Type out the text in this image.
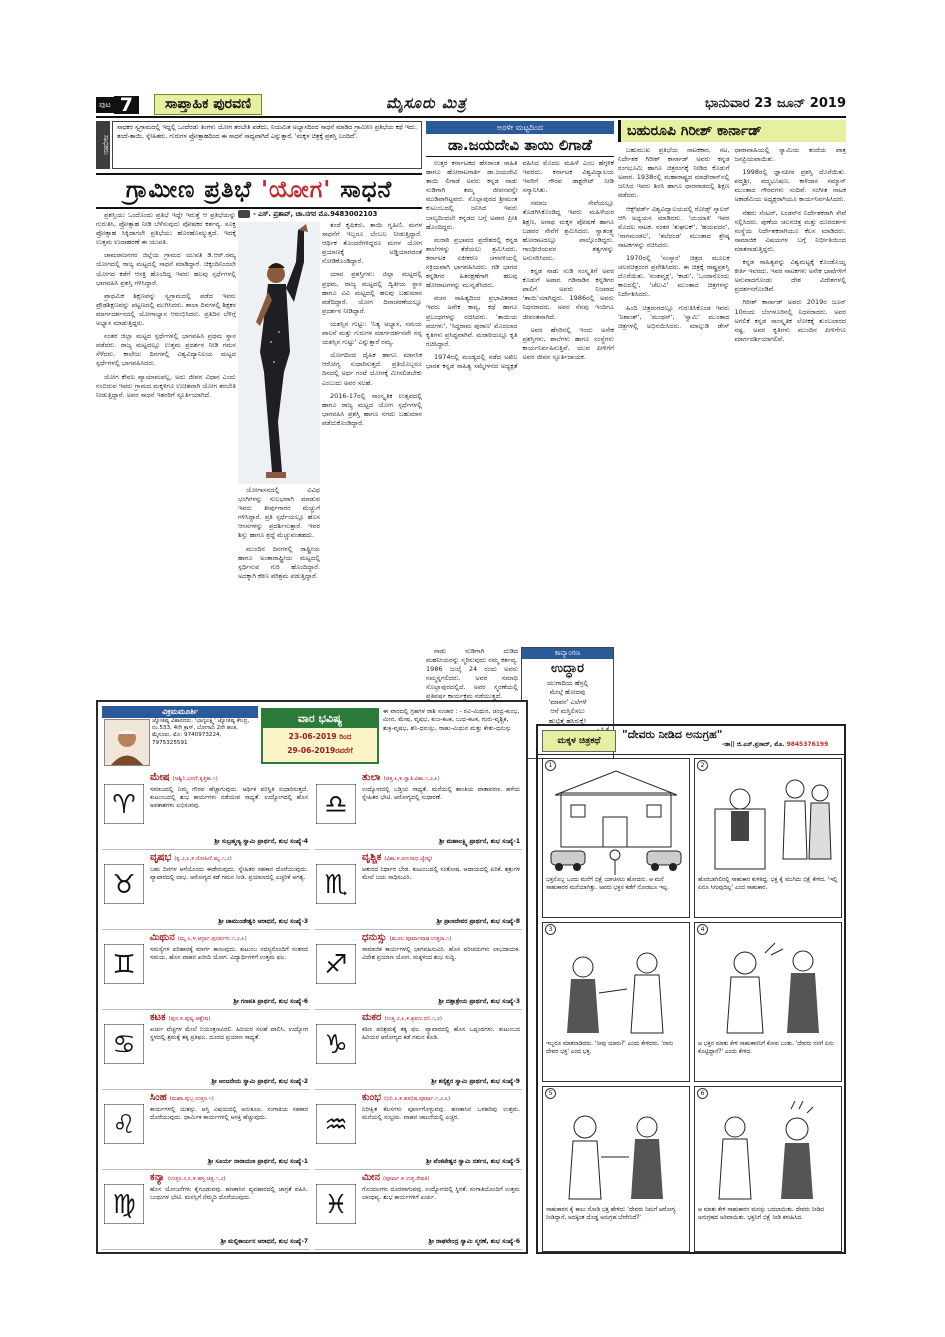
ಪುಟ 7	ಸಾಪ್ತಾಹಿಕ ಪುರವಣಿ	ಮೈಸೂರು ಮಿತ್ರ	ಭಾನುವಾರ 23 ಜೂನ್ 2019
ಸಾಧಕರು
ಸಾಧಕರ ಸ್ವಗ್ರಾಮದಲ್ಲಿ ಇದ್ದಲ್ಲಿ ಒಂದೆರಡು ತಿಂಗಳು ಯೋಗ ತರಬೇತಿ ಪಡೆದು, ನಿಯಮಿತ ಅಭ್ಯಾಸದಿಂದ ಸಾಧನೆ ಮಾಡಿದ ಗ್ರಾಮೀಣ ಪ್ರತಿಭೆಯ ಕಥೆ ಇದು. ತಂದೆ-ತಾಯಿ, ಸ್ನೇಹಿತರು, ಗುರುಗಳ ಪ್ರೋತ್ಸಾಹದಿಂದ ಈ ಸಾಧನೆ ಸಾಧ್ಯವಾಗಿದೆ ಎನ್ನುತ್ತಾರೆ. 'ಮಕ್ಕಳ ಚಿತ್ರಕ್ಕೆ ಪ್ರಶಸ್ತಿ ಬಂದಿದೆ'.
ಗ್ರಾಮೀಣ ಪ್ರತಿಭೆ 'ಯೋಗ' ಸಾಧನೆ
- ಎಸ್. ಪ್ರತಾಪ್, ಚಾ.ನಗರ ಮೊ.9483002103

ಪ್ರಶಸ್ತಿಯು ಒಂದೊಂದು ಪ್ರತಿಭೆ ಇದ್ದೇ ಇರುತ್ತೆ ಆ ಪ್ರತಿಭೆಯನ್ನು ಗುರುತಿಸಿ, ಪ್ರೋತ್ಸಾಹ ನೀಡಿ ಬೆಳೆಸುವುದು ಪೋಷಕರ ಕರ್ತವ್ಯ. ಸೂಕ್ತ ಪ್ರೋತ್ಸಾಹ ಸಿಕ್ಕಿದಾಗಲೇ ಪ್ರತಿಭೆಯು ಹೊರಹೊಮ್ಮುತ್ತದೆ. ಇದಕ್ಕೆ ಉತ್ತಮ ಉದಾಹರಣೆ ಈ ಯುವತಿ.

ಚಾಮರಾಜನಗರ ಜಿಲ್ಲೆಯ ಗ್ರಾಮದ ಯುವತಿ ಡಿ.ಆರ್.ರಮ್ಯ ಯೋಗದಲ್ಲಿ ರಾಜ್ಯ ಮಟ್ಟದಲ್ಲಿ ಸಾಧನೆ ಮಾಡಿದ್ದಾರೆ. ಚಿಕ್ಕಂದಿನಿಂದಲೇ ಯೋಗದ ಕಡೆಗೆ ಆಸಕ್ತಿ ಹೊಂದಿದ್ದ ಇವರು ಹಲವು ಸ್ಪರ್ಧೆಗಳಲ್ಲಿ ಭಾಗವಹಿಸಿ ಪ್ರಶಸ್ತಿ ಗಳಿಸಿದ್ದಾರೆ.

ಪ್ರಾಥಮಿಕ ಶಿಕ್ಷಣವನ್ನು ಸ್ವಗ್ರಾಮದಲ್ಲಿ ಪಡೆದ ಇವರು ಪ್ರೌಢಶಿಕ್ಷಣವನ್ನು ಪಟ್ಟಣದಲ್ಲಿ ಮುಗಿಸಿದರು. ಶಾಲಾ ದಿನಗಳಲ್ಲಿ ಶಿಕ್ಷಕರ ಮಾರ್ಗದರ್ಶನದಲ್ಲಿ ಯೋಗಾಭ್ಯಾಸ ಆರಂಭಿಸಿದರು. ಪ್ರತಿದಿನ ಬೆಳಿಗ್ಗೆ ಅಭ್ಯಾಸ ಮಾಡುತ್ತಿದ್ದರು.

ನಂತರ ಜಿಲ್ಲಾ ಮಟ್ಟದ ಸ್ಪರ್ಧೆಗಳಲ್ಲಿ ಭಾಗವಹಿಸಿ ಪ್ರಥಮ ಸ್ಥಾನ ಪಡೆದರು. ರಾಜ್ಯ ಮಟ್ಟದಲ್ಲೂ ಉತ್ತಮ ಪ್ರದರ್ಶನ ನೀಡಿ ಗಮನ ಸೆಳೆದರು. ಕಾಲೇಜು ದಿನಗಳಲ್ಲಿ ವಿಶ್ವವಿದ್ಯಾನಿಲಯ ಮಟ್ಟದ ಸ್ಪರ್ಧೆಗಳಲ್ಲಿ ಭಾಗವಹಿಸಿದರು.

ಯೋಗ ಕೇವಲ ವ್ಯಾಯಾಮವಲ್ಲ, ಅದು ಜೀವನ ವಿಧಾನ ಎಂದು ನಂಬಿರುವ ಇವರು ಗ್ರಾಮದ ಮಕ್ಕಳಿಗೂ ಉಚಿತವಾಗಿ ಯೋಗ ತರಬೇತಿ ನೀಡುತ್ತಿದ್ದಾರೆ. ಅವರ ಸಾಧನೆ ಇತರರಿಗೆ ಸ್ಫೂರ್ತಿಯಾಗಿದೆ.

ಯೋಗಾಸನದಲ್ಲಿ ವಿವಿಧ ಭಂಗಿಗಳನ್ನು ಸುಲಭವಾಗಿ ಮಾಡುವ ಇವರು ತೀರ್ಪುಗಾರರ ಮೆಚ್ಚುಗೆ ಗಳಿಸಿದ್ದಾರೆ. ಪ್ರತಿ ಸ್ಪರ್ಧೆಯಲ್ಲೂ ಹೊಸ ಆಸನಗಳನ್ನು ಪ್ರದರ್ಶಿಸುತ್ತಾರೆ. ಇವರ ಶಿಸ್ತು ಹಾಗೂ ಶ್ರದ್ಧೆ ಮೆಚ್ಚುವಂತಹದು.

ಮುಂದಿನ ದಿನಗಳಲ್ಲಿ ರಾಷ್ಟ್ರೀಯ ಹಾಗೂ ಅಂತಾರಾಷ್ಟ್ರೀಯ ಮಟ್ಟದಲ್ಲಿ ಸ್ಪರ್ಧಿಸುವ ಗುರಿ ಹೊಂದಿದ್ದಾರೆ. ಅದಕ್ಕಾಗಿ ಕಠಿಣ ಪರಿಶ್ರಮ ಪಡುತ್ತಿದ್ದಾರೆ.

ತಂದೆ ಕೃಷಿಕರು, ತಾಯಿ ಗೃಹಿಣಿ. ಮಗಳ ಸಾಧನೆಗೆ ಇಬ್ಬರೂ ಬೆಂಬಲ ನೀಡುತ್ತಿದ್ದಾರೆ. ಆರ್ಥಿಕ ತೊಂದರೆಗಳಿದ್ದರೂ ಮಗಳ ಯೋಗ ಪ್ರಯಾಣಕ್ಕೆ ಅಡ್ಡಿಯಾಗದಂತೆ ನೋಡಿಕೊಂಡಿದ್ದಾರೆ.

ಯಾವ ಪ್ರಶಸ್ತಿಗಳು: ಜಿಲ್ಲಾ ಮಟ್ಟದಲ್ಲಿ ಪ್ರಥಮ, ರಾಜ್ಯ ಮಟ್ಟದಲ್ಲಿ ದ್ವಿತೀಯ ಸ್ಥಾನ ಹಾಗೂ ವಿವಿ ಮಟ್ಟದಲ್ಲಿ ಹಲವು ಬಹುಮಾನ ಪಡೆದಿದ್ದಾರೆ. ಯೋಗ ದಿನಾಚರಣೆಯಲ್ಲೂ ಪ್ರದರ್ಶನ ನೀಡಿದ್ದಾರೆ.

ಯಶಸ್ಸಿನ ಗುಟ್ಟು: 'ನಿತ್ಯ ಅಭ್ಯಾಸ, ಸಮಯ ಪಾಲನೆ ಮತ್ತು ಗುರುಗಳ ಮಾರ್ಗದರ್ಶನವೇ ನನ್ನ ಯಶಸ್ಸಿನ ಗುಟ್ಟು' ಎನ್ನುತ್ತಾರೆ ರಮ್ಯ.

ಯೋಗದಿಂದ ದೈಹಿಕ ಹಾಗೂ ಮಾನಸಿಕ ಆರೋಗ್ಯ ಸುಧಾರಿಸುತ್ತದೆ. ಪ್ರತಿಯೊಬ್ಬರೂ ದಿನದಲ್ಲಿ ಅರ್ಧ ಗಂಟೆ ಯೋಗಕ್ಕೆ ಮೀಸಲಿಡಬೇಕು ಎಂಬುದು ಅವರ ಸಲಹೆ.

2016-17ರಲ್ಲಿ ಸಾಂಸ್ಕೃತಿಕ ಉತ್ಸವದಲ್ಲಿ ಹಾಗೂ ರಾಜ್ಯ ಮಟ್ಟದ ಯೋಗ ಸ್ಪರ್ಧೆಗಳಲ್ಲಿ ಭಾಗವಹಿಸಿ ಪ್ರಶಸ್ತಿ ಹಾಗೂ ನಗದು ಬಹುಮಾನ ಪಡೆದುಕೊಂಡಿದ್ದಾರೆ.

ಅರಳೀ ಮಟ್ಟದಿಂದ
ಡಾ.ಜಯದೇವಿ ತಾಯಿ ಲಿಗಾಡೆ

ಉತ್ತರ ಕರ್ನಾಟಕದ ಹೆಸರಾಂತ ಸಾಹಿತಿ ಹಾಗೂ ಹೋರಾಟಗಾರ್ತಿ ಡಾ.ಜಯದೇವಿ ತಾಯಿ ಲಿಗಾಡೆ ಅವರು ಕನ್ನಡ ನಾಡು ನುಡಿಗಾಗಿ ತಮ್ಮ ಜೀವನವನ್ನೇ ಮುಡಿಪಾಗಿಟ್ಟವರು. ಸೊಲ್ಲಾಪುರದ ಶ್ರೀಮಂತ ಕುಟುಂಬದಲ್ಲಿ ಜನಿಸಿದ ಇವರು ಬಾಲ್ಯದಿಂದಲೇ ಕನ್ನಡದ ಬಗ್ಗೆ ಅಪಾರ ಪ್ರೀತಿ ಹೊಂದಿದ್ದರು.

ಮರಾಠಿ ಪ್ರಭಾವದ ಪ್ರದೇಶದಲ್ಲಿ ಕನ್ನಡ ಶಾಲೆಗಳನ್ನು ತೆರೆಯಲು ಶ್ರಮಿಸಿದರು. ಕರ್ನಾಟಕ ಏಕೀಕರಣ ಚಳವಳಿಯಲ್ಲಿ ಸಕ್ರಿಯವಾಗಿ ಭಾಗವಹಿಸಿದರು. ಗಡಿ ಭಾಗದ ಕನ್ನಡಿಗರ ಹಿತರಕ್ಷಣೆಗಾಗಿ ಹಲವು ಹೋರಾಟಗಳನ್ನು ಮುನ್ನಡೆಸಿದರು.

ವಚನ ಸಾಹಿತ್ಯದಿಂದ ಪ್ರಭಾವಿತರಾದ ಇವರು ಅನೇಕ ಕಾವ್ಯ, ಕಥೆ ಹಾಗೂ ಪ್ರಬಂಧಗಳನ್ನು ರಚಿಸಿದರು. 'ತಾಯಿಯ ಪದಗಳು', 'ಸಿದ್ಧರಾಮ ಪುರಾಣ' ಮೊದಲಾದ ಕೃತಿಗಳು ಪ್ರಸಿದ್ಧವಾಗಿವೆ. ಮರಾಠಿಯಲ್ಲೂ ಕೃತಿ ರಚಿಸಿದ್ದಾರೆ.

1974ರಲ್ಲಿ ಮಂಡ್ಯದಲ್ಲಿ ನಡೆದ ಅಖಿಲ ಭಾರತ ಕನ್ನಡ ಸಾಹಿತ್ಯ ಸಮ್ಮೇಳನದ ಅಧ್ಯಕ್ಷತೆ ವಹಿಸಿದ ಮೊದಲ ಮಹಿಳೆ ಎಂಬ ಹೆಗ್ಗಳಿಕೆ ಇವರದು. ಕರ್ನಾಟಕ ವಿಶ್ವವಿದ್ಯಾಲಯ ಇವರಿಗೆ ಗೌರವ ಡಾಕ್ಟರೇಟ್ ನೀಡಿ ಸನ್ಮಾನಿಸಿತು.

ಸಮಾಜ ಸೇವೆಯಲ್ಲೂ ತೊಡಗಿಸಿಕೊಂಡಿದ್ದ ಇವರು ಮಹಿಳೆಯರ ಶಿಕ್ಷಣ, ಅನಾಥ ಮಕ್ಕಳ ಪೋಷಣೆ ಹಾಗೂ ಬಡವರ ಸೇವೆಗೆ ಶ್ರಮಿಸಿದರು. ಸ್ವಾತಂತ್ರ್ಯ ಹೋರಾಟದಲ್ಲೂ ಪಾಲ್ಗೊಂಡಿದ್ದರು. ಗಾಂಧೀಜಿಯವರ ತತ್ವಗಳನ್ನು ಅನುಸರಿಸಿದರು.

ಕನ್ನಡ ನಾಡು ನುಡಿ ಸಂಸ್ಕೃತಿಗೆ ಅವರ ಕೊಡುಗೆ ಅಪಾರ. ಗಡಿನಾಡಿನ ಕನ್ನಡಿಗರ ಪಾಲಿಗೆ ಅವರು ನಿಜವಾದ 'ತಾಯಿ'ಯಾಗಿದ್ದರು. 1986ರಲ್ಲಿ ಅವರು ನಿಧನರಾದರು. ಅವರ ನೆನಪು ಇಂದಿಗೂ ಜೀವಂತವಾಗಿದೆ.

ಅವರ ಹೆಸರಿನಲ್ಲಿ ಇಂದು ಅನೇಕ ಪ್ರಶಸ್ತಿಗಳು, ಶಾಲೆಗಳು ಹಾಗೂ ಸಂಸ್ಥೆಗಳು ಕಾರ್ಯನಿರ್ವಹಿಸುತ್ತಿವೆ. ಯುವ ಪೀಳಿಗೆಗೆ ಅವರ ಜೀವನ ಸ್ಫೂರ್ತಿದಾಯಕ.

ನಾಡು ನುಡಿಗಾಗಿ ದುಡಿದ ಮಹನೀಯರನ್ನು ಸ್ಮರಿಸುವುದು ನಮ್ಮ ಕರ್ತವ್ಯ. 1986 ಜುಲೈ 24 ರಂದು ಅವರು ನಮ್ಮನ್ನಗಲಿದರು. ಅವರ ಸಮಾಧಿ ಸೊಲ್ಲಾಪುರದಲ್ಲಿದೆ. ಅವರ ಸ್ಮರಣೆಯಲ್ಲಿ ಪ್ರತಿವರ್ಷ ಕಾರ್ಯಕ್ರಮ ನಡೆಯುತ್ತದೆ.

ಕಾವ್ಯಾಂಗಣ
ಉದ್ಧಾರ
ಯುಗಾದಿಯ ಹೆಸ್ರಲ್ಲಿ
ಮೇಲ್ಗೆ ಹೋದವು
'ಮಾವನ' ಎಲೆಗಳೆ
ಆನೆ ಮಸ್ತಿಲಿಸಲು
ಹುಟ್ಟಿತ್ತೆ ಹಸಿರುಕ್ಕೆ!
ಬಹುರೂಪಿ ಗಿರೀಶ್ ಕಾರ್ನಾಡ್

ಬಹುಮುಖ ಪ್ರತಿಭೆಯ ನಾಟಕಕಾರ, ನಟ, ನಿರ್ದೇಶಕ ಗಿರೀಶ್ ಕಾರ್ನಾಡ್ ಅವರು ಕನ್ನಡ ರಂಗಭೂಮಿ ಹಾಗೂ ಚಿತ್ರರಂಗಕ್ಕೆ ನೀಡಿದ ಕೊಡುಗೆ ಅಪಾರ. 1938ರಲ್ಲಿ ಮಹಾರಾಷ್ಟ್ರದ ಮಾಥೇರಾನ್‌ನಲ್ಲಿ ಜನಿಸಿದ ಇವರು ಶಿರಸಿ ಹಾಗೂ ಧಾರವಾಡದಲ್ಲಿ ಶಿಕ್ಷಣ ಪಡೆದರು.

ಆಕ್ಸ್‌ಫರ್ಡ್ ವಿಶ್ವವಿದ್ಯಾಲಯದಲ್ಲಿ ರೋಡ್ಸ್ ಸ್ಕಾಲರ್ ಆಗಿ ಅಧ್ಯಯನ ಮಾಡಿದರು. 'ಯಯಾತಿ' ಇವರ ಮೊದಲ ನಾಟಕ. ನಂತರ 'ತುಘಲಕ್', 'ಹಯವದನ', 'ನಾಗಮಂಡಲ', 'ತಲೆದಂಡ' ಮುಂತಾದ ಶ್ರೇಷ್ಠ ನಾಟಕಗಳನ್ನು ರಚಿಸಿದರು.

1970ರಲ್ಲಿ 'ಸಂಸ್ಕಾರ' ಚಿತ್ರದ ಮೂಲಕ ಚಲನಚಿತ್ರರಂಗ ಪ್ರವೇಶಿಸಿದರು. ಈ ಚಿತ್ರಕ್ಕೆ ರಾಷ್ಟ್ರಪ್ರಶಸ್ತಿ ದೊರೆಯಿತು. 'ವಂಶವೃಕ್ಷ', 'ಕಾಡು', 'ಒಂದಾನೊಂದು ಕಾಲದಲ್ಲಿ', 'ಚೆಲುವಿ' ಮುಂತಾದ ಚಿತ್ರಗಳನ್ನು ನಿರ್ದೇಶಿಸಿದರು.

ಹಿಂದಿ ಚಿತ್ರರಂಗದಲ್ಲೂ ಗುರುತಿಸಿಕೊಂಡ ಇವರು 'ನಿಶಾಂತ್', 'ಮಂಥನ್', 'ಸ್ವಾಮಿ' ಮುಂತಾದ ಚಿತ್ರಗಳಲ್ಲಿ ಅಭಿನಯಿಸಿದರು. ಮಾಲ್ಗುಡಿ ಡೇಸ್ ಧಾರಾವಾಹಿಯಲ್ಲಿ ಸ್ವಾಮಿಯ ತಂದೆಯ ಪಾತ್ರ ಜನಪ್ರಿಯವಾಯಿತು.

1998ರಲ್ಲಿ ಜ್ಞಾನಪೀಠ ಪ್ರಶಸ್ತಿ ದೊರೆಯಿತು. ಪದ್ಮಶ್ರೀ, ಪದ್ಮಭೂಷಣ, ಕಾಳಿದಾಸ ಸಮ್ಮಾನ್ ಮುಂತಾದ ಗೌರವಗಳು ಸಂದಿವೆ. ಸಂಗೀತ ನಾಟಕ ಅಕಾಡೆಮಿಯ ಅಧ್ಯಕ್ಷರಾಗಿಯೂ ಕಾರ್ಯನಿರ್ವಹಿಸಿದರು.

ನೆಹರು ಸೆಂಟರ್, ಲಂಡನ್‌ನ ನಿರ್ದೇಶಕರಾಗಿ ಸೇವೆ ಸಲ್ಲಿಸಿದರು. ಪುಣೆಯ ಚಲನಚಿತ್ರ ಮತ್ತು ದೂರದರ್ಶನ ಸಂಸ್ಥೆಯ ನಿರ್ದೇಶಕರಾಗಿಯೂ ಕೆಲಸ ಮಾಡಿದರು. ಸಾಮಾಜಿಕ ವಿಷಯಗಳ ಬಗ್ಗೆ ನಿರ್ಭೀತಿಯಿಂದ ಮಾತನಾಡುತ್ತಿದ್ದರು.

ಕನ್ನಡ ಸಾಹಿತ್ಯವನ್ನು ವಿಶ್ವಮಟ್ಟಕ್ಕೆ ಕೊಂಡೊಯ್ದ ಕೀರ್ತಿ ಇವರದು. ಇವರ ನಾಟಕಗಳು ಅನೇಕ ಭಾಷೆಗಳಿಗೆ ಅನುವಾದಗೊಂಡು ದೇಶ ವಿದೇಶಗಳಲ್ಲಿ ಪ್ರದರ್ಶನಗೊಂಡಿವೆ.

ಗಿರೀಶ್ ಕಾರ್ನಾಡ್ ಅವರು 2019ರ ಜೂನ್ 10ರಂದು ಬೆಂಗಳೂರಿನಲ್ಲಿ ನಿಧನರಾದರು. ಅವರ ಅಗಲಿಕೆ ಕನ್ನಡ ಸಾಂಸ್ಕೃತಿಕ ಲೋಕಕ್ಕೆ ತುಂಬಲಾರದ ನಷ್ಟ. ಅವರ ಕೃತಿಗಳು ಮುಂದಿನ ಪೀಳಿಗೆಗೂ ಮಾರ್ಗದರ್ಶಿಯಾಗಲಿವೆ.

ವಿಕ್ರಮಮೂರ್ತಿ
ಜ್ಯೋತಿಷ್ಯ ವಿಶಾರದರು, 'ಭಾಗ್ಯಲಕ್ಷ್ಮಿ' ಜ್ಯೋತಿಷ್ಯ ಕೇಂದ್ರ, ನಂ.533, 4ನೇ ಕ್ರಾಸ್, ಬೋಗಾದಿ 2ನೇ ಹಂತ, ಮೈಸೂರು. ಮೊ: 9740973224, 7975325591
ವಾರ ಭವಿಷ್ಯ
23-06-2019 ರಿಂದ
29-06-2019ರವರೆಗೆ
ಈ ವಾರದಲ್ಲಿ ಗ್ರಹಗಳ ರಾಶಿ ಸಂಚಾರ : - ರವಿ-ಮಿಥುನ, ಚಂದ್ರ-ಕುಂಭ, ಮೀನ, ಮೇಷ, ವೃಷಭ, ಕುಜ-ಕಟಕ, ಬುಧ-ಕಟಕ, ಗುರು-ವೃಶ್ಚಿಕ, ಶುಕ್ರ-ವೃಷಭ, ಶನಿ-ಧನುಸ್ಸು, ರಾಹು-ಮಿಥುನ ಮತ್ತು ಕೇತು-ಧನುಸ್ಸು
♈
ಮೇಷ (ಅಶ್ವಿನಿ.ಭರಣಿ.ಕೃತ್ತಿಕಾ.೧)
ಸಮಾಜದಲ್ಲಿ ನಿಮ್ಮ ಗೌರವ ಹೆಚ್ಚಾಗುವುದು. ಆರ್ಥಿಕ ಪರಿಸ್ಥಿತಿ ಸುಧಾರಿಸುತ್ತದೆ. ಕುಟುಂಬದಲ್ಲಿ ಶುಭ ಕಾರ್ಯಗಳು ನಡೆಯುವ ಸಾಧ್ಯತೆ. ಉದ್ಯೋಗದಲ್ಲಿ ಹೊಸ ಅವಕಾಶಗಳು ಲಭಿಸುವವು.
ಶ್ರೀ ಸುಬ್ರಹ್ಮಣ್ಯ ಸ್ವಾಮಿ ಪ್ರಾರ್ಥನೆ, ಶುಭ ಸಂಖ್ಯೆ-4
♉
ವೃಷಭ (ಕೃ.೨,೩,೪.ರೋಹಿಣಿ.ಮೃ.೧,೨)
ಬಹು ದಿನಗಳ ಆಸೆಯೊಂದು ಈಡೇರುವುದು. ಸ್ನೇಹಿತರ ಸಹಕಾರ ದೊರೆಯುವುದು. ವ್ಯಾಪಾರದಲ್ಲಿ ಲಾಭ. ಆರೋಗ್ಯದ ಕಡೆ ಗಮನ ನೀಡಿ. ಪ್ರಯಾಣದಲ್ಲಿ ಎಚ್ಚರಿಕೆ ಅಗತ್ಯ.
ಶ್ರೀ ಚಾಮುಂಡೇಶ್ವರಿ ಆರಾಧನೆ, ಶುಭ ಸಂಖ್ಯೆ-3
♊
ಮಿಥುನ (ಮೃ.೩,೪.ಆರ್ದ್ರಾ.ಪುನರ್ವಸು.೧,೨,೩)
ಸಮಸ್ಯೆಗಳ ಪರಿಹಾರಕ್ಕೆ ಮಾರ್ಗ ಕಾಣುವುದು. ಕುಟುಂಬ ಸದಸ್ಯರೊಂದಿಗೆ ಸಂತಸದ ಸಮಯ. ಹೊಸ ವಾಹನ ಖರೀದಿ ಯೋಗ. ವಿದ್ಯಾರ್ಥಿಗಳಿಗೆ ಉತ್ತಮ ಫಲ.
ಶ್ರೀ ಗಣಪತಿ ಪ್ರಾರ್ಥನೆ, ಶುಭ ಸಂಖ್ಯೆ-6
♋
ಕಟಕ (ಪುನ.೪.ಪುಷ್ಯ.ಆಶ್ಲೇಷ)
ಖರ್ಚು ವೆಚ್ಚಗಳ ಮೇಲೆ ನಿಯಂತ್ರಣವಿರಲಿ. ಹಿರಿಯರ ಸಲಹೆ ಪಾಲಿಸಿ. ಉದ್ಯೋಗ ಸ್ಥಳದಲ್ಲಿ ಶ್ರಮಕ್ಕೆ ತಕ್ಕ ಪ್ರತಿಫಲ. ದೂರದ ಪ್ರಯಾಣ ಸಾಧ್ಯತೆ.
ಶ್ರೀ ಆಂಜನೇಯ ಸ್ವಾಮಿ ಪ್ರಾರ್ಥನೆ, ಶುಭ ಸಂಖ್ಯೆ-2
♌
ಸಿಂಹ (ಮಘಾ.ಪುಬ್ಬ.ಉತ್ತರ.೧)
ಕಾರ್ಯಗಳಲ್ಲಿ ಯಶಸ್ಸು. ಆಸ್ತಿ ವಿಷಯದಲ್ಲಿ ಅನುಕೂಲ. ಸಂಗಾತಿಯ ಸಹಕಾರ ದೊರೆಯುವುದು. ಧಾರ್ಮಿಕ ಕಾರ್ಯಗಳಲ್ಲಿ ಆಸಕ್ತಿ ಹೆಚ್ಚುವುದು.
ಶ್ರೀ ಸೂರ್ಯ ನಾರಾಯಣ ಪ್ರಾರ್ಥನೆ, ಶುಭ ಸಂಖ್ಯೆ-1
♍
ಕನ್ಯಾ (ಉತ್ತರ.೨,೩,೪.ಹಸ್ತ.ಚಿತ್ತ.೧,೨)
ಹೊಸ ಯೋಜನೆಗಳು ಕೈಗೂಡುವವು. ಹಣಕಾಸಿನ ವ್ಯವಹಾರದಲ್ಲಿ ಜಾಗ್ರತೆ ವಹಿಸಿ. ಬಂಧುಗಳ ಭೇಟಿ. ಮನಸ್ಸಿಗೆ ನೆಮ್ಮದಿ ದೊರೆಯುವುದು.
ಶ್ರೀ ಮಲ್ಲಿಕಾರ್ಜುನ ಆರಾಧನೆ, ಶುಭ ಸಂಖ್ಯೆ-7
♎
ತುಲಾ (ಚಿತ್ತ.೩,೪.ಸ್ವಾತಿ.ವಿಶಾ.೧,೨,೩)
ಉದ್ಯೋಗದಲ್ಲಿ ಬಡ್ತಿಯ ಸಾಧ್ಯತೆ. ಮನೆಯಲ್ಲಿ ಶಾಂತಿಯ ವಾತಾವರಣ. ಹಳೆಯ ಸ್ನೇಹಿತರ ಭೇಟಿ. ಆರೋಗ್ಯದಲ್ಲಿ ಸುಧಾರಣೆ.
ಶ್ರೀ ಮಹಾಲಕ್ಷ್ಮಿ ಪ್ರಾರ್ಥನೆ, ಶುಭ ಸಂಖ್ಯೆ-1
♏
ವೃಶ್ಚಿಕ (ವಿಶಾ.೪.ಅನುರಾಧ.ಜ್ಯೇಷ್ಠ)
ಆತುರದ ನಿರ್ಧಾರ ಬೇಡ. ಕುಟುಂಬದಲ್ಲಿ ಸಂತೋಷ. ಆದಾಯದಲ್ಲಿ ಏರಿಕೆ. ಶತ್ರುಗಳ ಮೇಲೆ ಜಯ ಸಾಧಿಸುವಿರಿ.
ಶ್ರೀ ಪ್ರಾಣದೇವರ ಪ್ರಾರ್ಥನೆ, ಶುಭ ಸಂಖ್ಯೆ-8
♐
ಧನುಸ್ಸು (ಮೂಲ.ಪೂರ್ವಾಷಾಢ.ಉತ್ತರಾ.೧)
ಸಾಮಾಜಿಕ ಕಾರ್ಯಗಳಲ್ಲಿ ಭಾಗವಹಿಸುವಿರಿ. ಹೊಸ ಪರಿಚಯಗಳು ಲಾಭದಾಯಕ. ವಿದೇಶ ಪ್ರಯಾಣ ಯೋಗ. ಮಕ್ಕಳಿಂದ ಶುಭ ಸುದ್ದಿ.
ಶ್ರೀ ದತ್ತಾತ್ರೇಯ ಪ್ರಾರ್ಥನೆ, ಶುಭ ಸಂಖ್ಯೆ-3
♑
ಮಕರ (ಉತ್ತ.೨,೩,೪.ಶ್ರವಣ.ಧನಿ.೧,೨)
ಕಠಿಣ ಪರಿಶ್ರಮಕ್ಕೆ ತಕ್ಕ ಫಲ. ವ್ಯಾಪಾರದಲ್ಲಿ ಹೊಸ ಒಪ್ಪಂದಗಳು. ಕುಟುಂಬದ ಹಿರಿಯರ ಆರೋಗ್ಯದ ಕಡೆ ಗಮನ ಕೊಡಿ.
ಶ್ರೀ ಶನೈಶ್ಚರ ಸ್ವಾಮಿ ಪ್ರಾರ್ಥನೆ, ಶುಭ ಸಂಖ್ಯೆ-9
♒
ಕುಂಭ (ಧನಿ.೩,೪.ಶತಭಿಷ.ಪೂರ್ವಾ.೧,೨,೩)
ನಿರೀಕ್ಷಿತ ಕೆಲಸಗಳು ಪೂರ್ಣಗೊಳ್ಳುವವು. ಹಣಕಾಸಿನ ಒಳಹರಿವು ಉತ್ತಮ. ಮನೆಯಲ್ಲಿ ಸಂಭ್ರಮ. ವಾಹನ ಚಾಲನೆಯಲ್ಲಿ ಎಚ್ಚರ.
ಶ್ರೀ ವೆಂಕಟೇಶ್ವರ ಸ್ವಾಮಿ ದರ್ಶನ, ಶುಭ ಸಂಖ್ಯೆ-5
♓
ಮೀನ (ಪೂರ್ವಾ.೪.ಉತ್ತ.ರೇವತಿ)
ಗೊಂದಲಗಳು ದೂರವಾಗುವವು. ಉದ್ಯೋಗದಲ್ಲಿ ಸ್ಥಿರತೆ. ಸಂಗಾತಿಯೊಂದಿಗೆ ಉತ್ತಮ ಬಾಂಧವ್ಯ. ಶುಭ ಕಾರ್ಯಗಳಿಗೆ ಖರ್ಚು.
ಶ್ರೀ ರಾಘವೇಂದ್ರ ಸ್ವಾಮಿ ಸ್ಮರಣೆ, ಶುಭ ಸಂಖ್ಯೆ-6
ಮಕ್ಕಳ ಚಿತ್ರಕಥೆ	"ದೇವರು ನೀಡಿದ ಅನುಗ್ರಹ"
-ಡಾ|| ಜಿ.ಎನ್.ಪ್ರಸಾದ್, ಮೊ. 9845376199
1
ಭಕ್ತನೊಬ್ಬ ಒಂದು ಮನೆಗೆ ಭಿಕ್ಷೆ ಯಾಚಿಸಲು ಹೋದನು. ಆ ಮನೆ ಸಾಹುಕಾರರ ಮನೆಯಾಗಿತ್ತು. ಅವರು ಭಕ್ತನ ಕಡೆಗೆ ನೋಡಲೂ ಇಲ್ಲ.
2
ಹೊರಬಾಗಿಲಿನಲ್ಲಿ ಸಾಹುಕಾರ ಕುಳಿತಿದ್ದ. ಭಕ್ತ ಕೈ ಮುಗಿದು ಭಿಕ್ಷೆ ಕೇಳಿದ. 'ಇಲ್ಲಿ ಏನೂ ಸಿಗುವುದಿಲ್ಲ' ಎಂದ ಸಾಹುಕಾರ.
3
ಇಬ್ಬರೂ ಮಾತನಾಡಿದರು. 'ನೀವು ಯಾರು?' ಎಂದು ಕೇಳಿದರು. 'ನಾನು ದೇವರ ಭಕ್ತ' ಎಂದ ಭಕ್ತ.
4
ಆ ಭಕ್ತನ ಮಾತು ಕೇಳಿ ಸಾಹುಕಾರನಿಗೆ ಕೋಪ ಬಂತು. 'ದೇವರು ನನಗೆ ಏನು ಕೊಟ್ಟಿದ್ದಾನೆ?' ಎಂದು ಕೇಳಿದ.
5
ಸಾಹುಕಾರನ ಕೈ ಕಾಲು ನೋಡಿ ಭಕ್ತ ಹೇಳಿದ: 'ದೇವರು ನಿಮಗೆ ಆರೋಗ್ಯ ನೀಡಿದ್ದಾನೆ, ಅದಕ್ಕಿಂತ ದೊಡ್ಡ ಅನುಗ್ರಹ ಬೇರೇನಿದೆ?'
6
ಆ ಮಾತು ಕೇಳಿ ಸಾಹುಕಾರನ ಮನಸ್ಸು ಬದಲಾಯಿತು. ದೇವರು ನೀಡಿದ ಅನುಗ್ರಹದ ಅರಿವಾಯಿತು. ಭಕ್ತನಿಗೆ ಭಿಕ್ಷೆ ನೀಡಿ ಕಳುಹಿಸಿದ.
